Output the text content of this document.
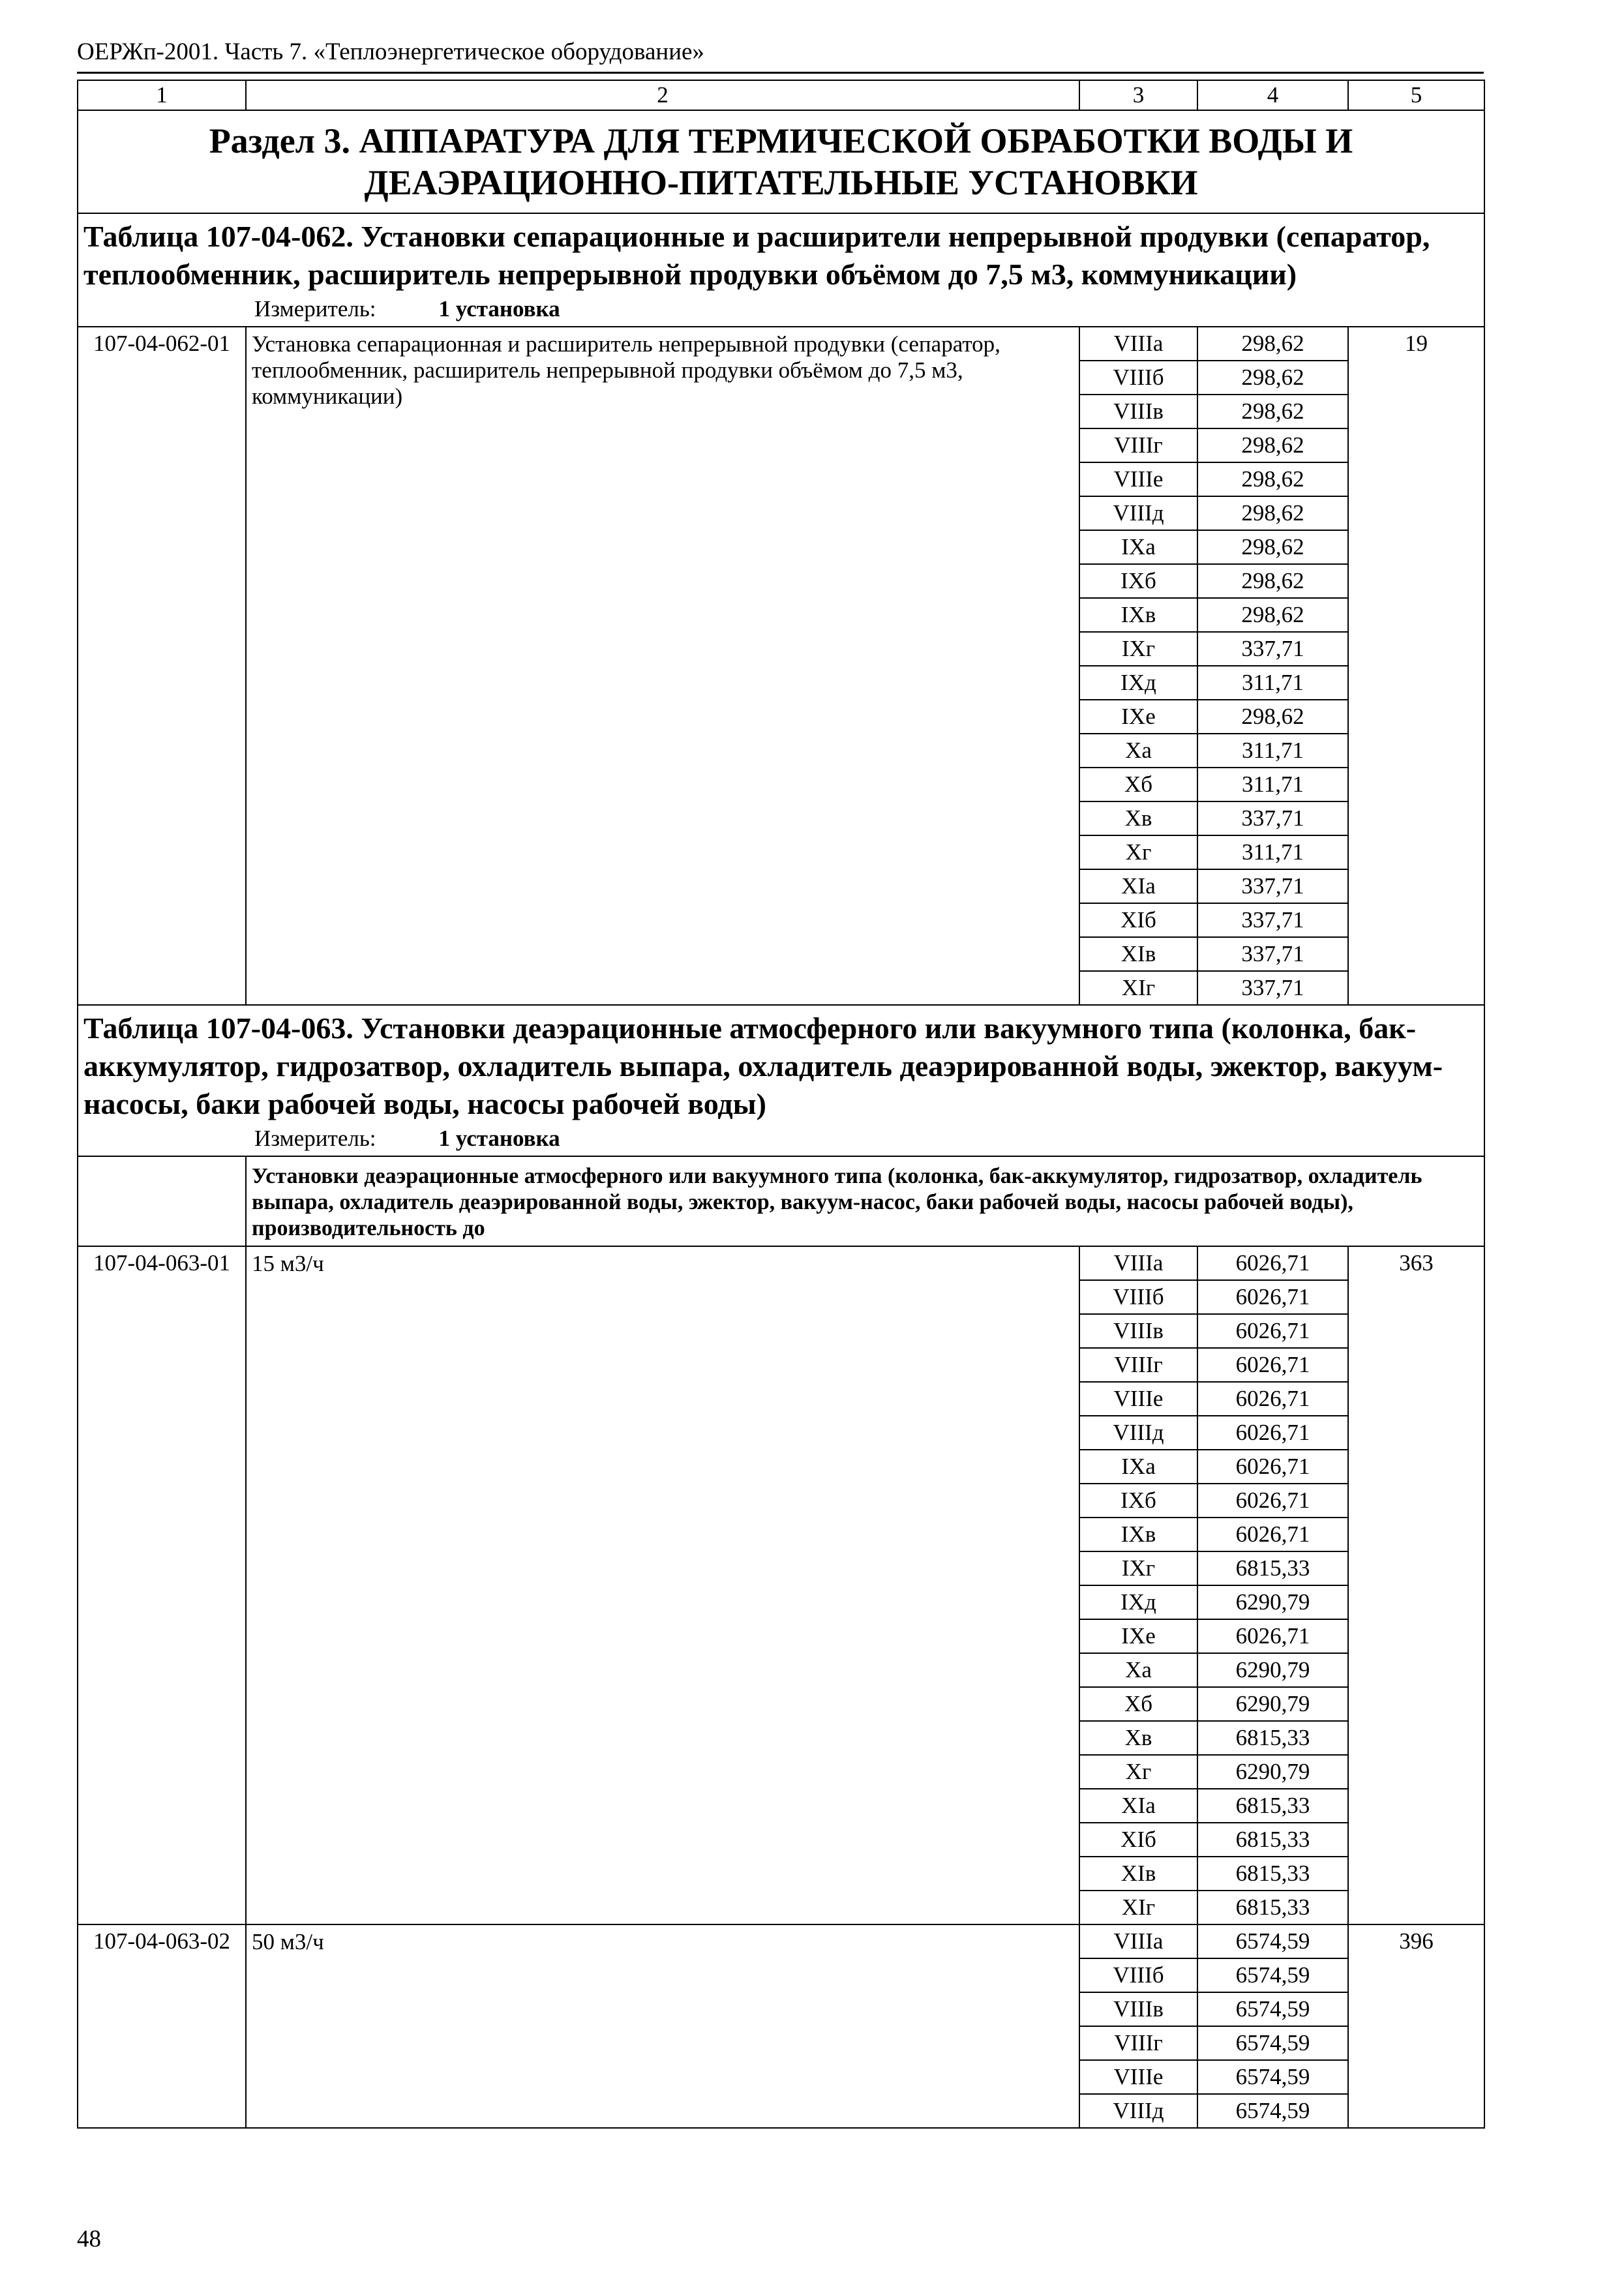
ОЕРЖп-2001. Часть 7. «Теплоэнергетическое оборудование»
1	2	3	4	5
Раздел 3. АППАРАТУРА ДЛЯ ТЕРМИЧЕСКОЙ ОБРАБОТКИ ВОДЫ И ДЕАЭРАЦИОННО-ПИТАТЕЛЬНЫЕ УСТАНОВКИ				

Таблица 107-04-062. Установки сепарационные и расширители непрерывной продувки (сепаратор, теплообменник, расширитель непрерывной продувки объёмом до 7,5 м3, коммуникации)
Измеритель: 1 установка				

107-04-062-01	Установка сепарационная и расширитель непрерывной продувки (сепаратор, теплообменник, расширитель непрерывной продувки объёмом до 7,5 м3, коммуникации)	VIIIа	298,62	19
		VIIIб	298,62	
		VIIIв	298,62	
		VIIIг	298,62	
		VIIIе	298,62	
		VIIIд	298,62	
		IXа	298,62	
		IXб	298,62	
		IXв	298,62	
		IXг	337,71	
		IXд	311,71	
		IXе	298,62	
		Xа	311,71	
		Xб	311,71	
		Xв	337,71	
		Xг	311,71	
		XIа	337,71	
		XIб	337,71	
		XIв	337,71	
		XIг	337,71	

Таблица 107-04-063. Установки деаэрационные атмосферного или вакуумного типа (колонка, бак-аккумулятор, гидрозатвор, охладитель выпара, охладитель деаэрированной воды, эжектор, вакуум-насосы, баки рабочей воды, насосы рабочей воды)
Измеритель: 1 установка				

	Установки деаэрационные атмосферного или вакуумного типа (колонка, бак-аккумулятор, гидрозатвор, охладитель выпара, охладитель деаэрированной воды, эжектор, вакуум-насос, баки рабочей воды, насосы рабочей воды), производительность до			
107-04-063-01	15 м3/ч	VIIIа	6026,71	363
		VIIIб	6026,71	
		VIIIв	6026,71	
		VIIIг	6026,71	
		VIIIе	6026,71	
		VIIIд	6026,71	
		IXа	6026,71	
		IXб	6026,71	
		IXв	6026,71	
		IXг	6815,33	
		IXд	6290,79	
		IXе	6026,71	
		Xа	6290,79	
		Xб	6290,79	
		Xв	6815,33	
		Xг	6290,79	
		XIа	6815,33	
		XIб	6815,33	
		XIв	6815,33	
		XIг	6815,33	
107-04-063-02	50 м3/ч	VIIIа	6574,59	396
		VIIIб	6574,59	
		VIIIв	6574,59	
		VIIIг	6574,59	
		VIIIе	6574,59	
		VIIIд	6574,59	
48
